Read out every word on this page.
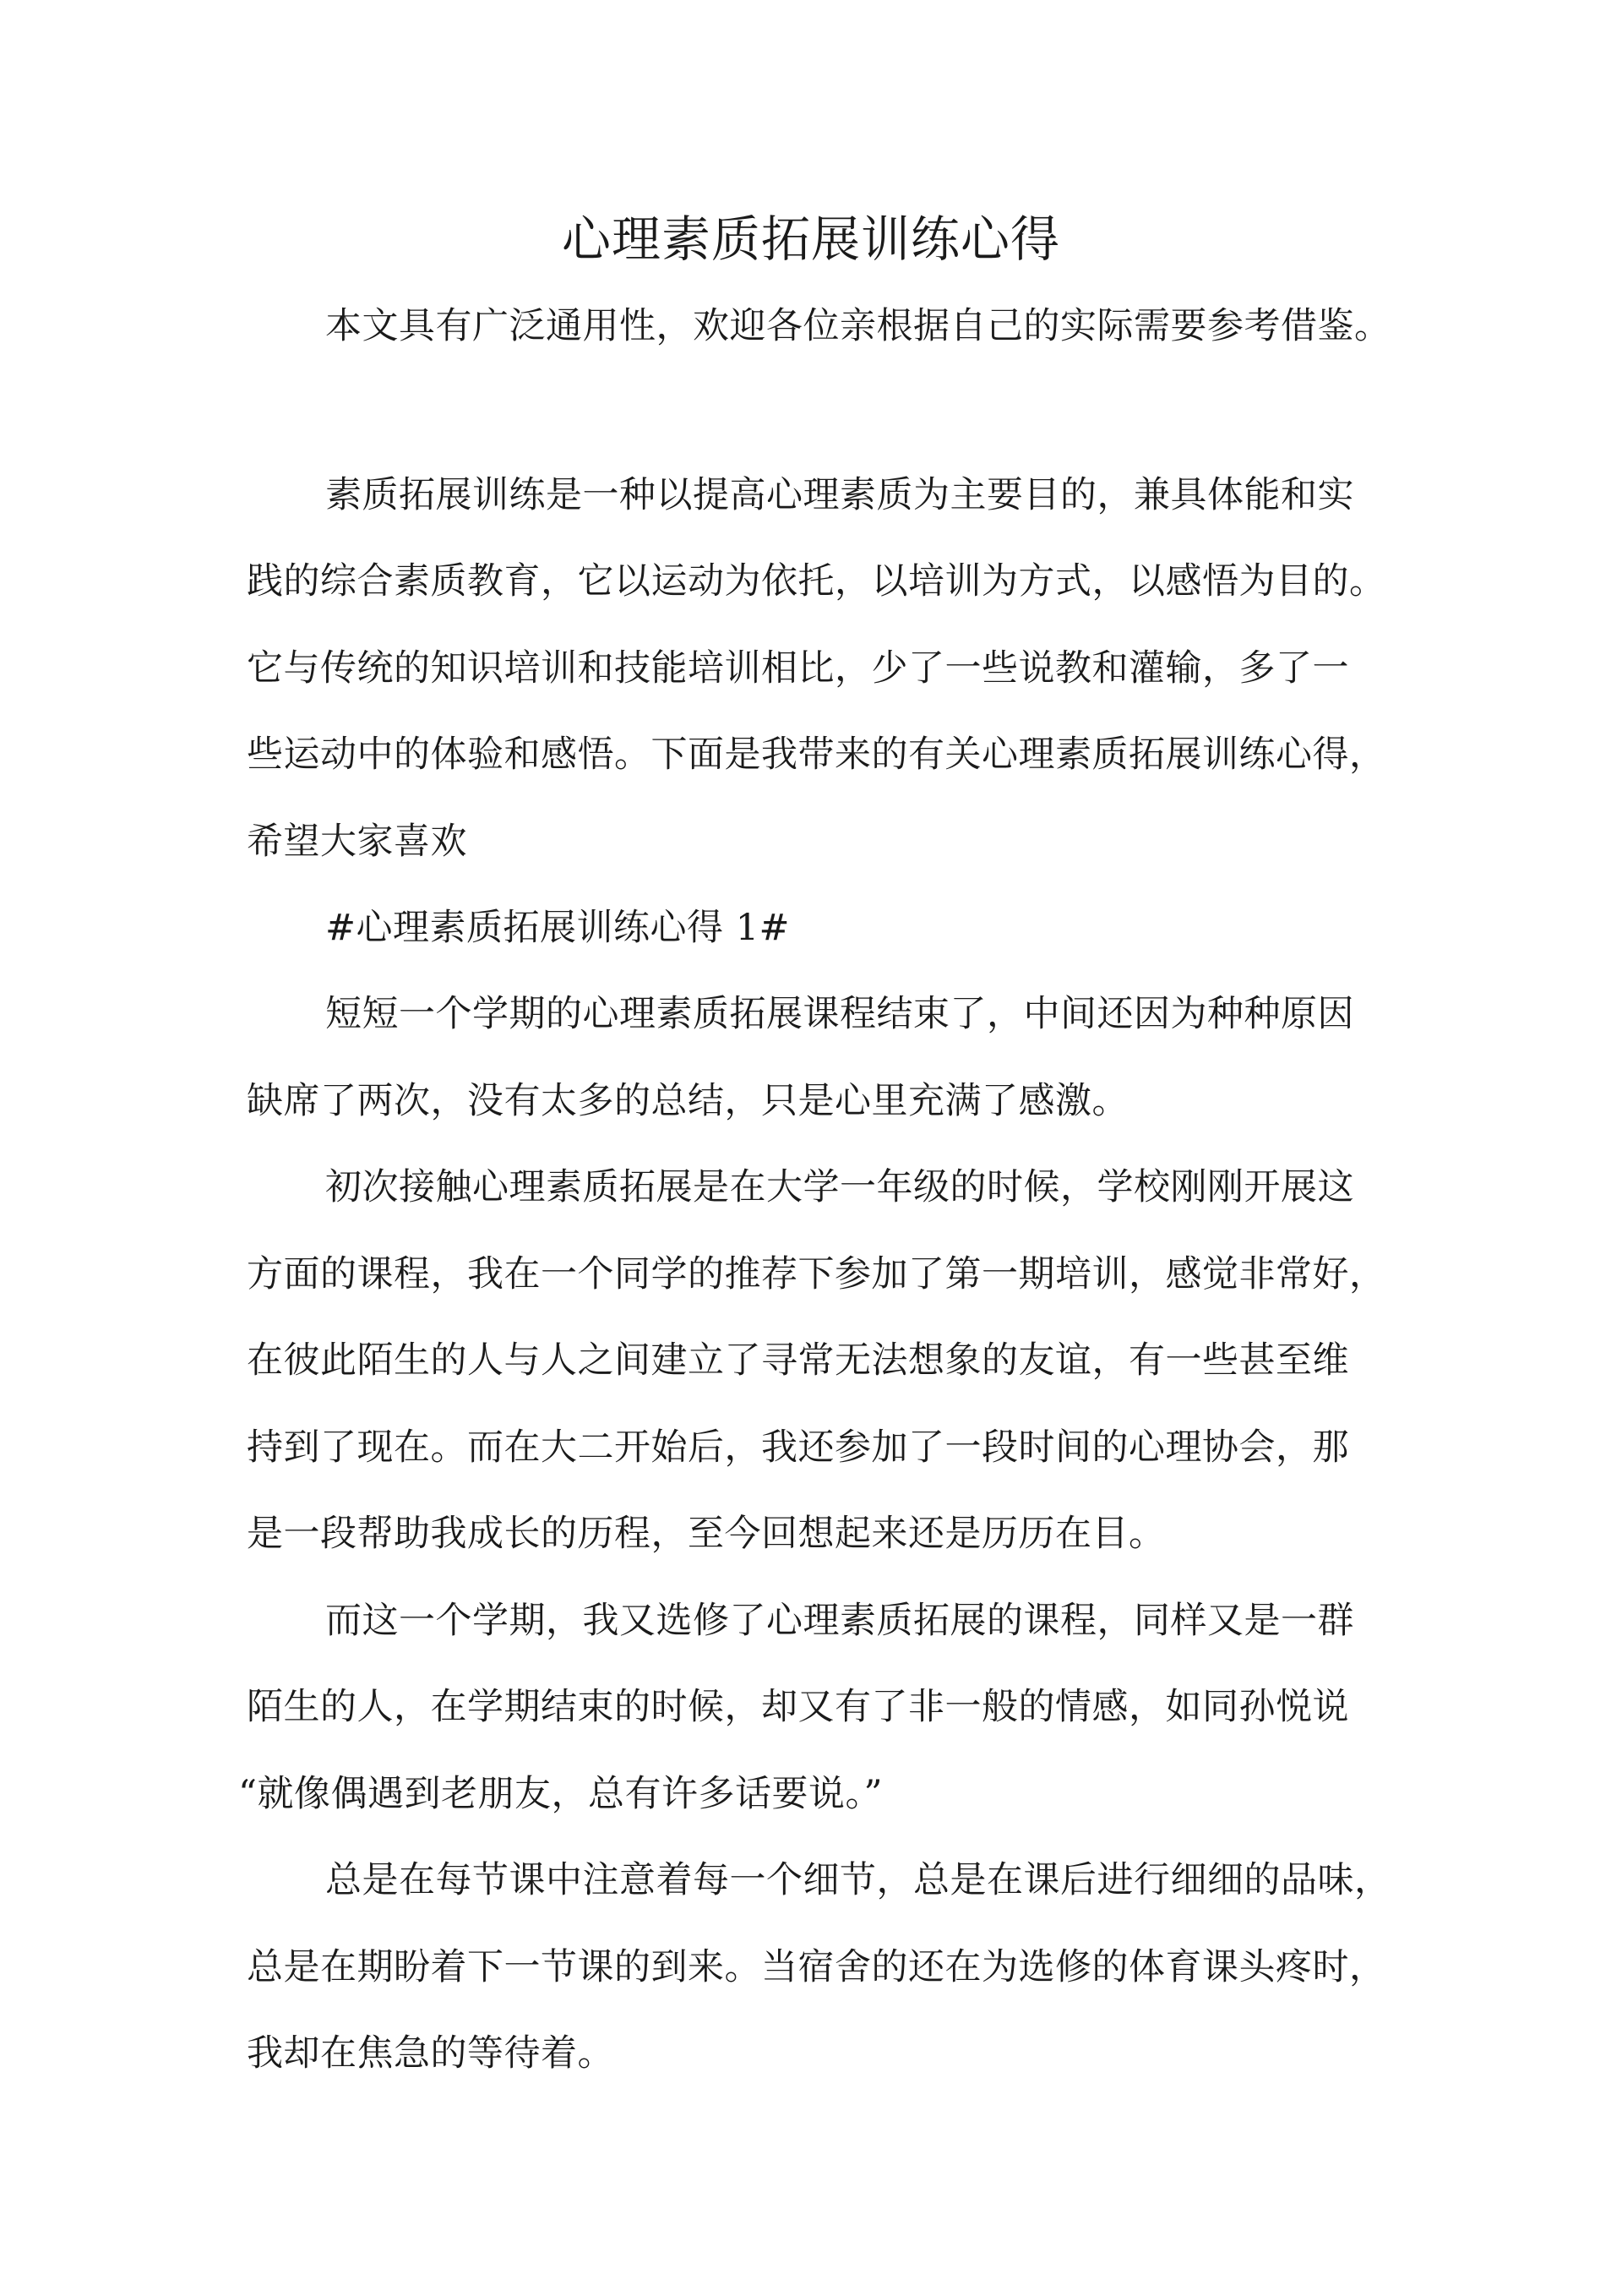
心理素质拓展训练心得

本文具有广泛通用性，欢迎各位亲根据自己的实际需要参考借鉴。

素质拓展训练是一种以提高心理素质为主要目的，兼具体能和实

践的综合素质教育，它以运动为依托，以培训为方式，以感悟为目的。

它与传统的知识培训和技能培训相比，少了一些说教和灌输，多了一

些运动中的体验和感悟。下面是我带来的有关心理素质拓展训练心得，

希望大家喜欢

#心理素质拓展训练心得 1#

短短一个学期的心理素质拓展课程结束了，中间还因为种种原因

缺席了两次，没有太多的总结，只是心里充满了感激。

初次接触心理素质拓展是在大学一年级的时候，学校刚刚开展这

方面的课程，我在一个同学的推荐下参加了第一期培训，感觉非常好，

在彼此陌生的人与人之间建立了寻常无法想象的友谊，有一些甚至维

持到了现在。而在大二开始后，我还参加了一段时间的心理协会，那

是一段帮助我成长的历程，至今回想起来还是历历在目。

而这一个学期，我又选修了心理素质拓展的课程，同样又是一群

陌生的人，在学期结束的时候，却又有了非一般的情感，如同孙悦说

“就像偶遇到老朋友，总有许多话要说。”

总是在每节课中注意着每一个细节，总是在课后进行细细的品味，

总是在期盼着下一节课的到来。当宿舍的还在为选修的体育课头疼时，

我却在焦急的等待着。
